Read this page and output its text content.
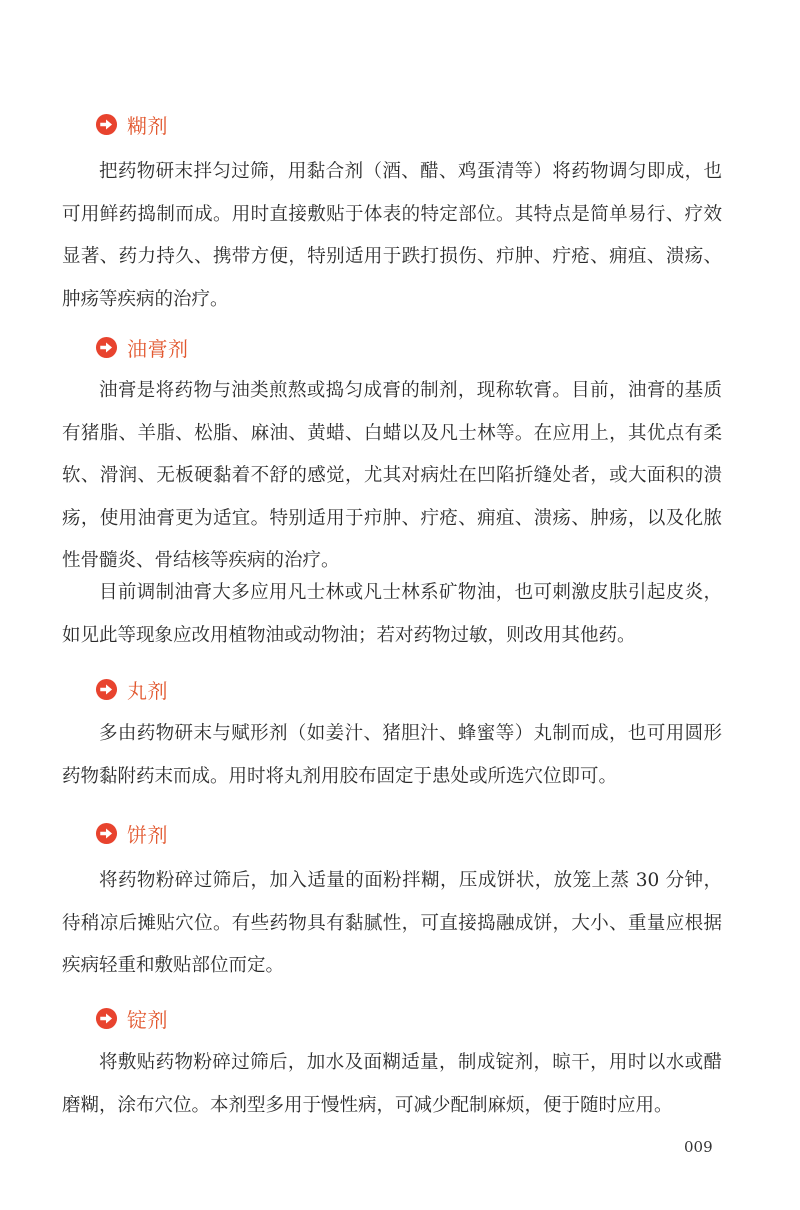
糊剂

把药物研末拌匀过筛，用黏合剂（酒、醋、鸡蛋清等）将药物调匀即成，也可用鲜药捣制而成。用时直接敷贴于体表的特定部位。其特点是简单易行、疗效显著、药力持久、携带方便，特别适用于跌打损伤、疖肿、疔疮、痈疽、溃疡、肿疡等疾病的治疗。

油膏剂

油膏是将药物与油类煎熬或捣匀成膏的制剂，现称软膏。目前，油膏的基质有猪脂、羊脂、松脂、麻油、黄蜡、白蜡以及凡士林等。在应用上，其优点有柔软、滑润、无板硬黏着不舒的感觉，尤其对病灶在凹陷折缝处者，或大面积的溃疡，使用油膏更为适宜。特别适用于疖肿、疔疮、痈疽、溃疡、肿疡，以及化脓性骨髓炎、骨结核等疾病的治疗。

目前调制油膏大多应用凡士林或凡士林系矿物油，也可刺激皮肤引起皮炎，如见此等现象应改用植物油或动物油；若对药物过敏，则改用其他药。

丸剂

多由药物研末与赋形剂（如姜汁、猪胆汁、蜂蜜等）丸制而成，也可用圆形药物黏附药末而成。用时将丸剂用胶布固定于患处或所选穴位即可。

饼剂

将药物粉碎过筛后，加入适量的面粉拌糊，压成饼状，放笼上蒸 30 分钟，待稍凉后摊贴穴位。有些药物具有黏腻性，可直接捣融成饼，大小、重量应根据疾病轻重和敷贴部位而定。

锭剂

将敷贴药物粉碎过筛后，加水及面糊适量，制成锭剂，晾干，用时以水或醋磨糊，涂布穴位。本剂型多用于慢性病，可减少配制麻烦，便于随时应用。

009
